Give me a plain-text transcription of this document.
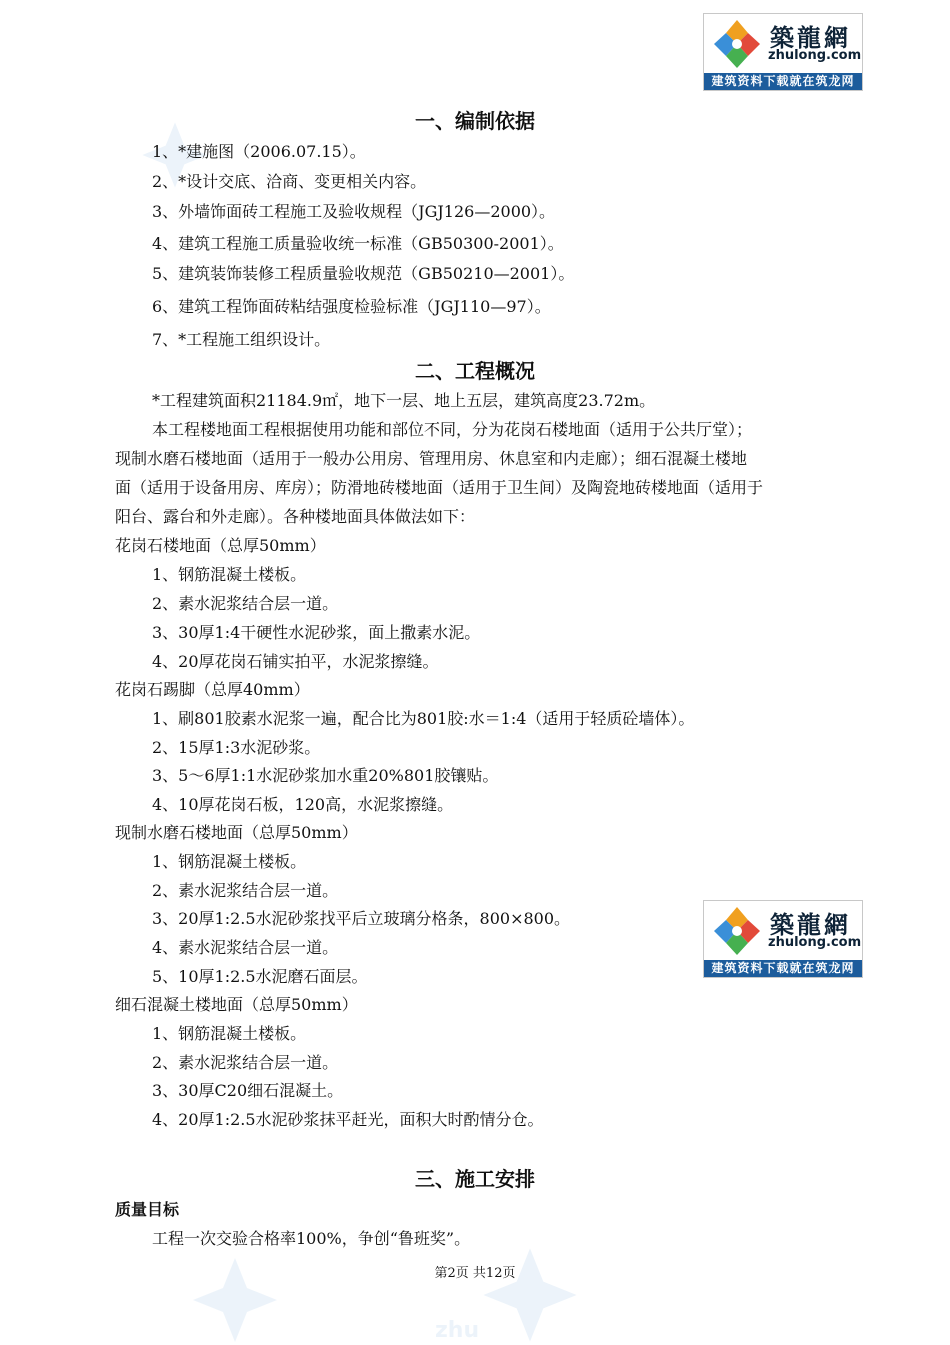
zhu
築龍網
zhulong.com
建筑资料下载就在筑龙网
築龍網
zhulong.com
建筑资料下载就在筑龙网
一、编制依据
1、*建施图（2006.07.15）。
2、*设计交底、洽商、变更相关内容。
3、外墙饰面砖工程施工及验收规程（JGJ126—2000）。
4、建筑工程施工质量验收统一标准（GB50300-2001）。
5、建筑装饰装修工程质量验收规范（GB50210—2001）。
6、建筑工程饰面砖粘结强度检验标准（JGJ110—97）。
7、*工程施工组织设计。
二、工程概况
*工程建筑面积21184.9㎡，地下一层、地上五层，建筑高度23.72m。
本工程楼地面工程根据使用功能和部位不同，分为花岗石楼地面（适用于公共厅堂）；
现制水磨石楼地面（适用于一般办公用房、管理用房、休息室和内走廊）；细石混凝土楼地
面（适用于设备用房、库房）；防滑地砖楼地面（适用于卫生间）及陶瓷地砖楼地面（适用于
阳台、露台和外走廊）。各种楼地面具体做法如下：
花岗石楼地面（总厚50mm）
1、钢筋混凝土楼板。
2、素水泥浆结合层一道。
3、30厚1:4干硬性水泥砂浆，面上撒素水泥。
4、20厚花岗石铺实拍平，水泥浆擦缝。
花岗石踢脚（总厚40mm）
1、刷801胶素水泥浆一遍，配合比为801胶:水＝1:4（适用于轻质砼墙体）。
2、15厚1:3水泥砂浆。
3、5～6厚1:1水泥砂浆加水重20%801胶镶贴。
4、10厚花岗石板，120高，水泥浆擦缝。
现制水磨石楼地面（总厚50mm）
1、钢筋混凝土楼板。
2、素水泥浆结合层一道。
3、20厚1:2.5水泥砂浆找平后立玻璃分格条，800×800。
4、素水泥浆结合层一道。
5、10厚1:2.5水泥磨石面层。
细石混凝土楼地面（总厚50mm）
1、钢筋混凝土楼板。
2、素水泥浆结合层一道。
3、30厚C20细石混凝土。
4、20厚1:2.5水泥砂浆抹平赶光，面积大时酌情分仓。
三、施工安排
质量目标
工程一次交验合格率100%，争创“鲁班奖”。
第2页 共12页
